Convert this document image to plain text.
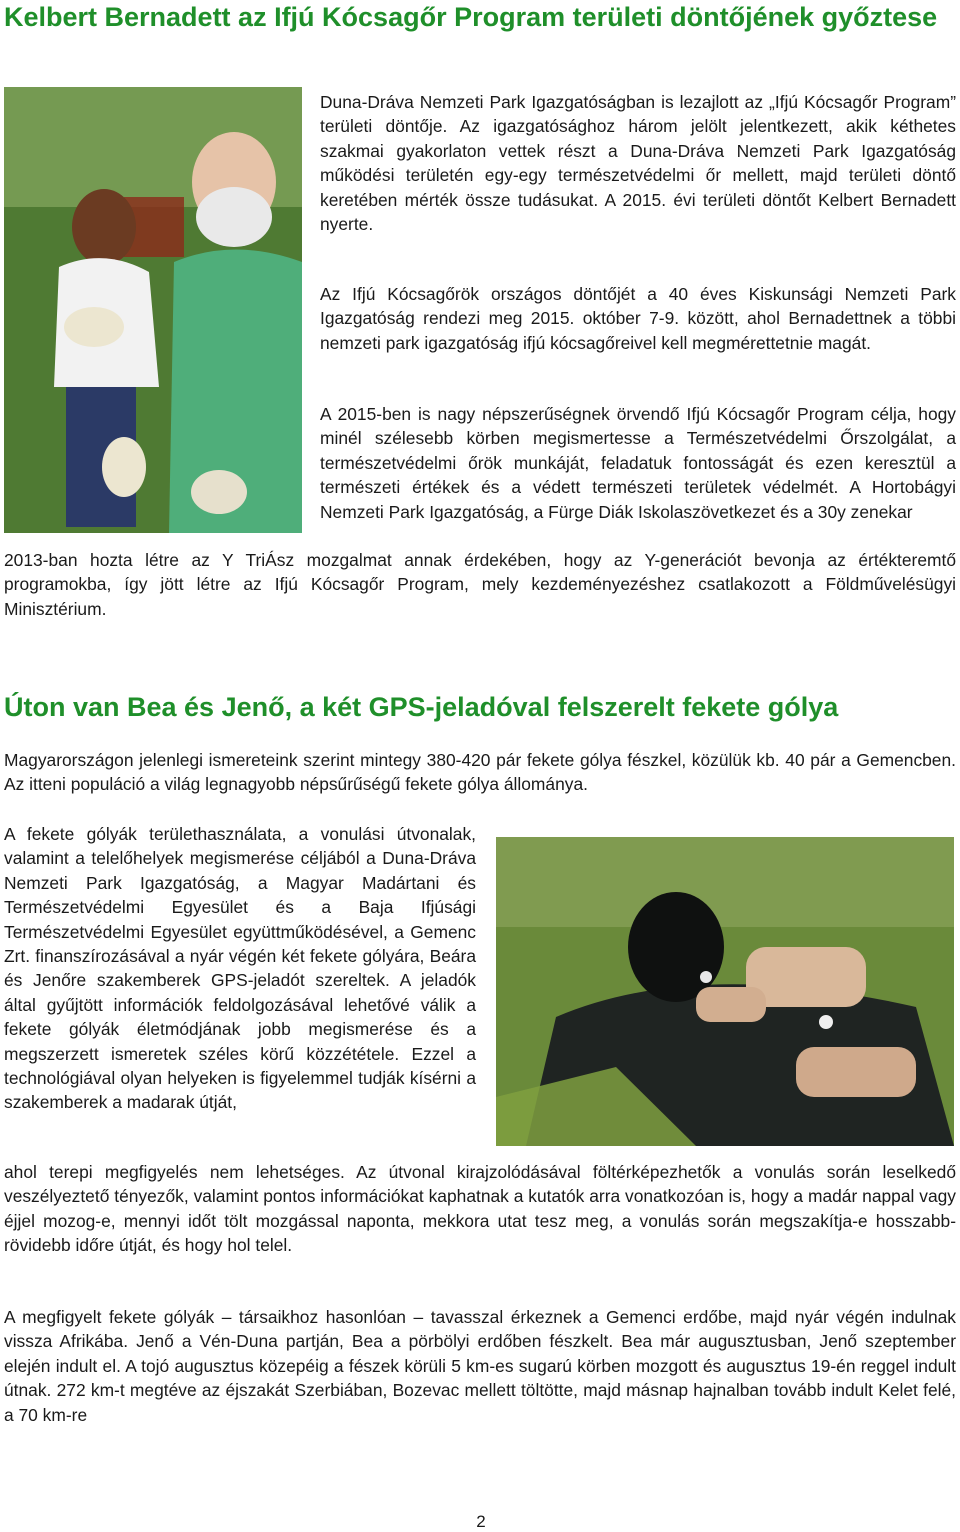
Kelbert Bernadett az Ifjú Kócsagőr Program területi döntőjének győztese

Duna-Dráva Nemzeti Park Igazgatóságban is lezajlott az „Ifjú Kócsagőr Program” területi döntője. Az igazgatósághoz három jelölt jelentkezett, akik kéthetes szakmai gyakorlaton vettek részt a Duna-Dráva Nemzeti Park Igazgatóság működési területén egy-egy természetvédelmi őr mellett, majd területi döntő keretében mérték össze tudásukat. A 2015. évi területi döntőt Kelbert Bernadett nyerte.

Az Ifjú Kócsagőrök országos döntőjét a 40 éves Kiskunsági Nemzeti Park Igazgatóság rendezi meg 2015. október 7-9. között, ahol Bernadettnek a többi nemzeti park igazgatóság ifjú kócsagőreivel kell megmérettetnie magát.

A 2015-ben is nagy népszerűségnek örvendő Ifjú Kócsagőr Program célja, hogy minél szélesebb körben megismertesse a Természetvédelmi Őrszolgálat, a természetvédelmi őrök munkáját, feladatuk fontosságát és ezen keresztül a természeti értékek és a védett természeti területek védelmét. A Hortobágyi Nemzeti Park Igazgatóság, a Fürge Diák Iskolaszövetkezet és a 30y zenekar

2013-ban hozta létre az Y TriÁsz mozgalmat annak érdekében, hogy az Y-generációt bevonja az értékteremtő programokba, így jött létre az Ifjú Kócsagőr Program, mely kezdeményezéshez csatlakozott a Földművelésügyi Minisztérium.

Úton van Bea és Jenő, a két GPS-jeladóval felszerelt fekete gólya

Magyarországon jelenlegi ismereteink szerint mintegy 380-420 pár fekete gólya fészkel, közülük kb. 40 pár a Gemencben. Az itteni populáció a világ legnagyobb népsűrűségű fekete gólya állománya.

A fekete gólyák területhasználata, a vonulási útvonalak, valamint a telelőhelyek megismerése céljából a Duna-Dráva Nemzeti Park Igazgatóság, a Magyar Madártani és Természetvédelmi Egyesület és a Baja Ifjúsági Természetvédelmi Egyesület együttműködésével, a Gemenc Zrt. finanszírozásával a nyár végén két fekete gólyára, Beára és Jenőre szakemberek GPS-jeladót szereltek. A jeladók által gyűjtött információk feldolgozásával lehetővé válik a fekete gólyák életmódjának jobb megismerése és a megszerzett ismeretek széles körű közzététele. Ezzel a technológiával olyan helyeken is figyelemmel tudják kísérni a szakemberek a madarak útját,

ahol terepi megfigyelés nem lehetséges. Az útvonal kirajzolódásával föltérképezhetők a vonulás során leselkedő veszélyeztető tényezők, valamint pontos információkat kaphatnak a kutatók arra vonatkozóan is, hogy a madár nappal vagy éjjel mozog-e, mennyi időt tölt mozgással naponta, mekkora utat tesz meg, a vonulás során megszakítja-e hosszabb-rövidebb időre útját, és hogy hol telel.

A megfigyelt fekete gólyák – társaikhoz hasonlóan – tavasszal érkeznek a Gemenci erdőbe, majd nyár végén indulnak vissza Afrikába. Jenő a Vén-Duna partján, Bea a pörbölyi erdőben fészkelt. Bea már augusztusban, Jenő szeptember elején indult el. A tojó augusztus közepéig a fészek körüli 5 km-es sugarú körben mozgott és augusztus 19-én reggel indult útnak. 272 km-t megtéve az éjszakát Szerbiában, Bozevac mellett töltötte, majd másnap hajnalban tovább indult Kelet felé, a 70 km-re

2
